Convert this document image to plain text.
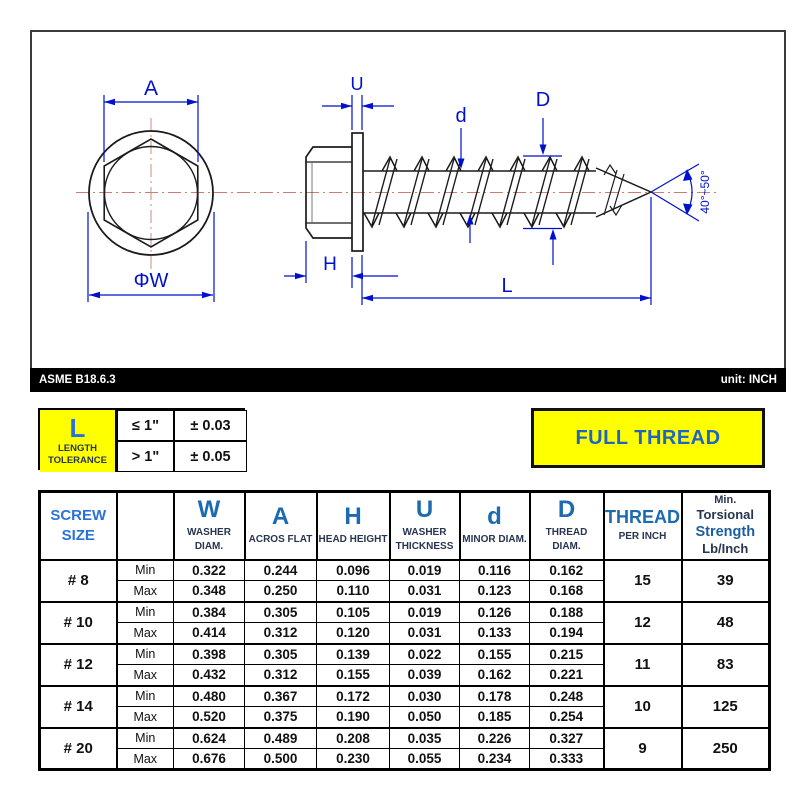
A
ΦW
U
d
D
H
L
40°~50°
ASME B18.6.3	unit: INCH
L
LENGTH TOLERANCE
≤ 1"	± 0.03
> 1"	± 0.05
FULL THREAD
SCREW SIZE

W
WASHER DIAM.

A
ACROS FLAT

H
HEAD HEIGHT

U
WASHER THICKNESS

d
MINOR DIAM.

D
THREAD DIAM.

THREAD
PER INCH

Min.
Torsional
Strength
Lb/Inch

# 8	Min	0.322	0.244	0.096	0.019	0.116	0.162	15	39
	Max	0.348	0.250	0.110	0.031	0.123	0.168		
# 10	Min	0.384	0.305	0.105	0.019	0.126	0.188	12	48
	Max	0.414	0.312	0.120	0.031	0.133	0.194		
# 12	Min	0.398	0.305	0.139	0.022	0.155	0.215	11	83
	Max	0.432	0.312	0.155	0.039	0.162	0.221		
# 14	Min	0.480	0.367	0.172	0.030	0.178	0.248	10	125
	Max	0.520	0.375	0.190	0.050	0.185	0.254		
# 20	Min	0.624	0.489	0.208	0.035	0.226	0.327	9	250
	Max	0.676	0.500	0.230	0.055	0.234	0.333		
